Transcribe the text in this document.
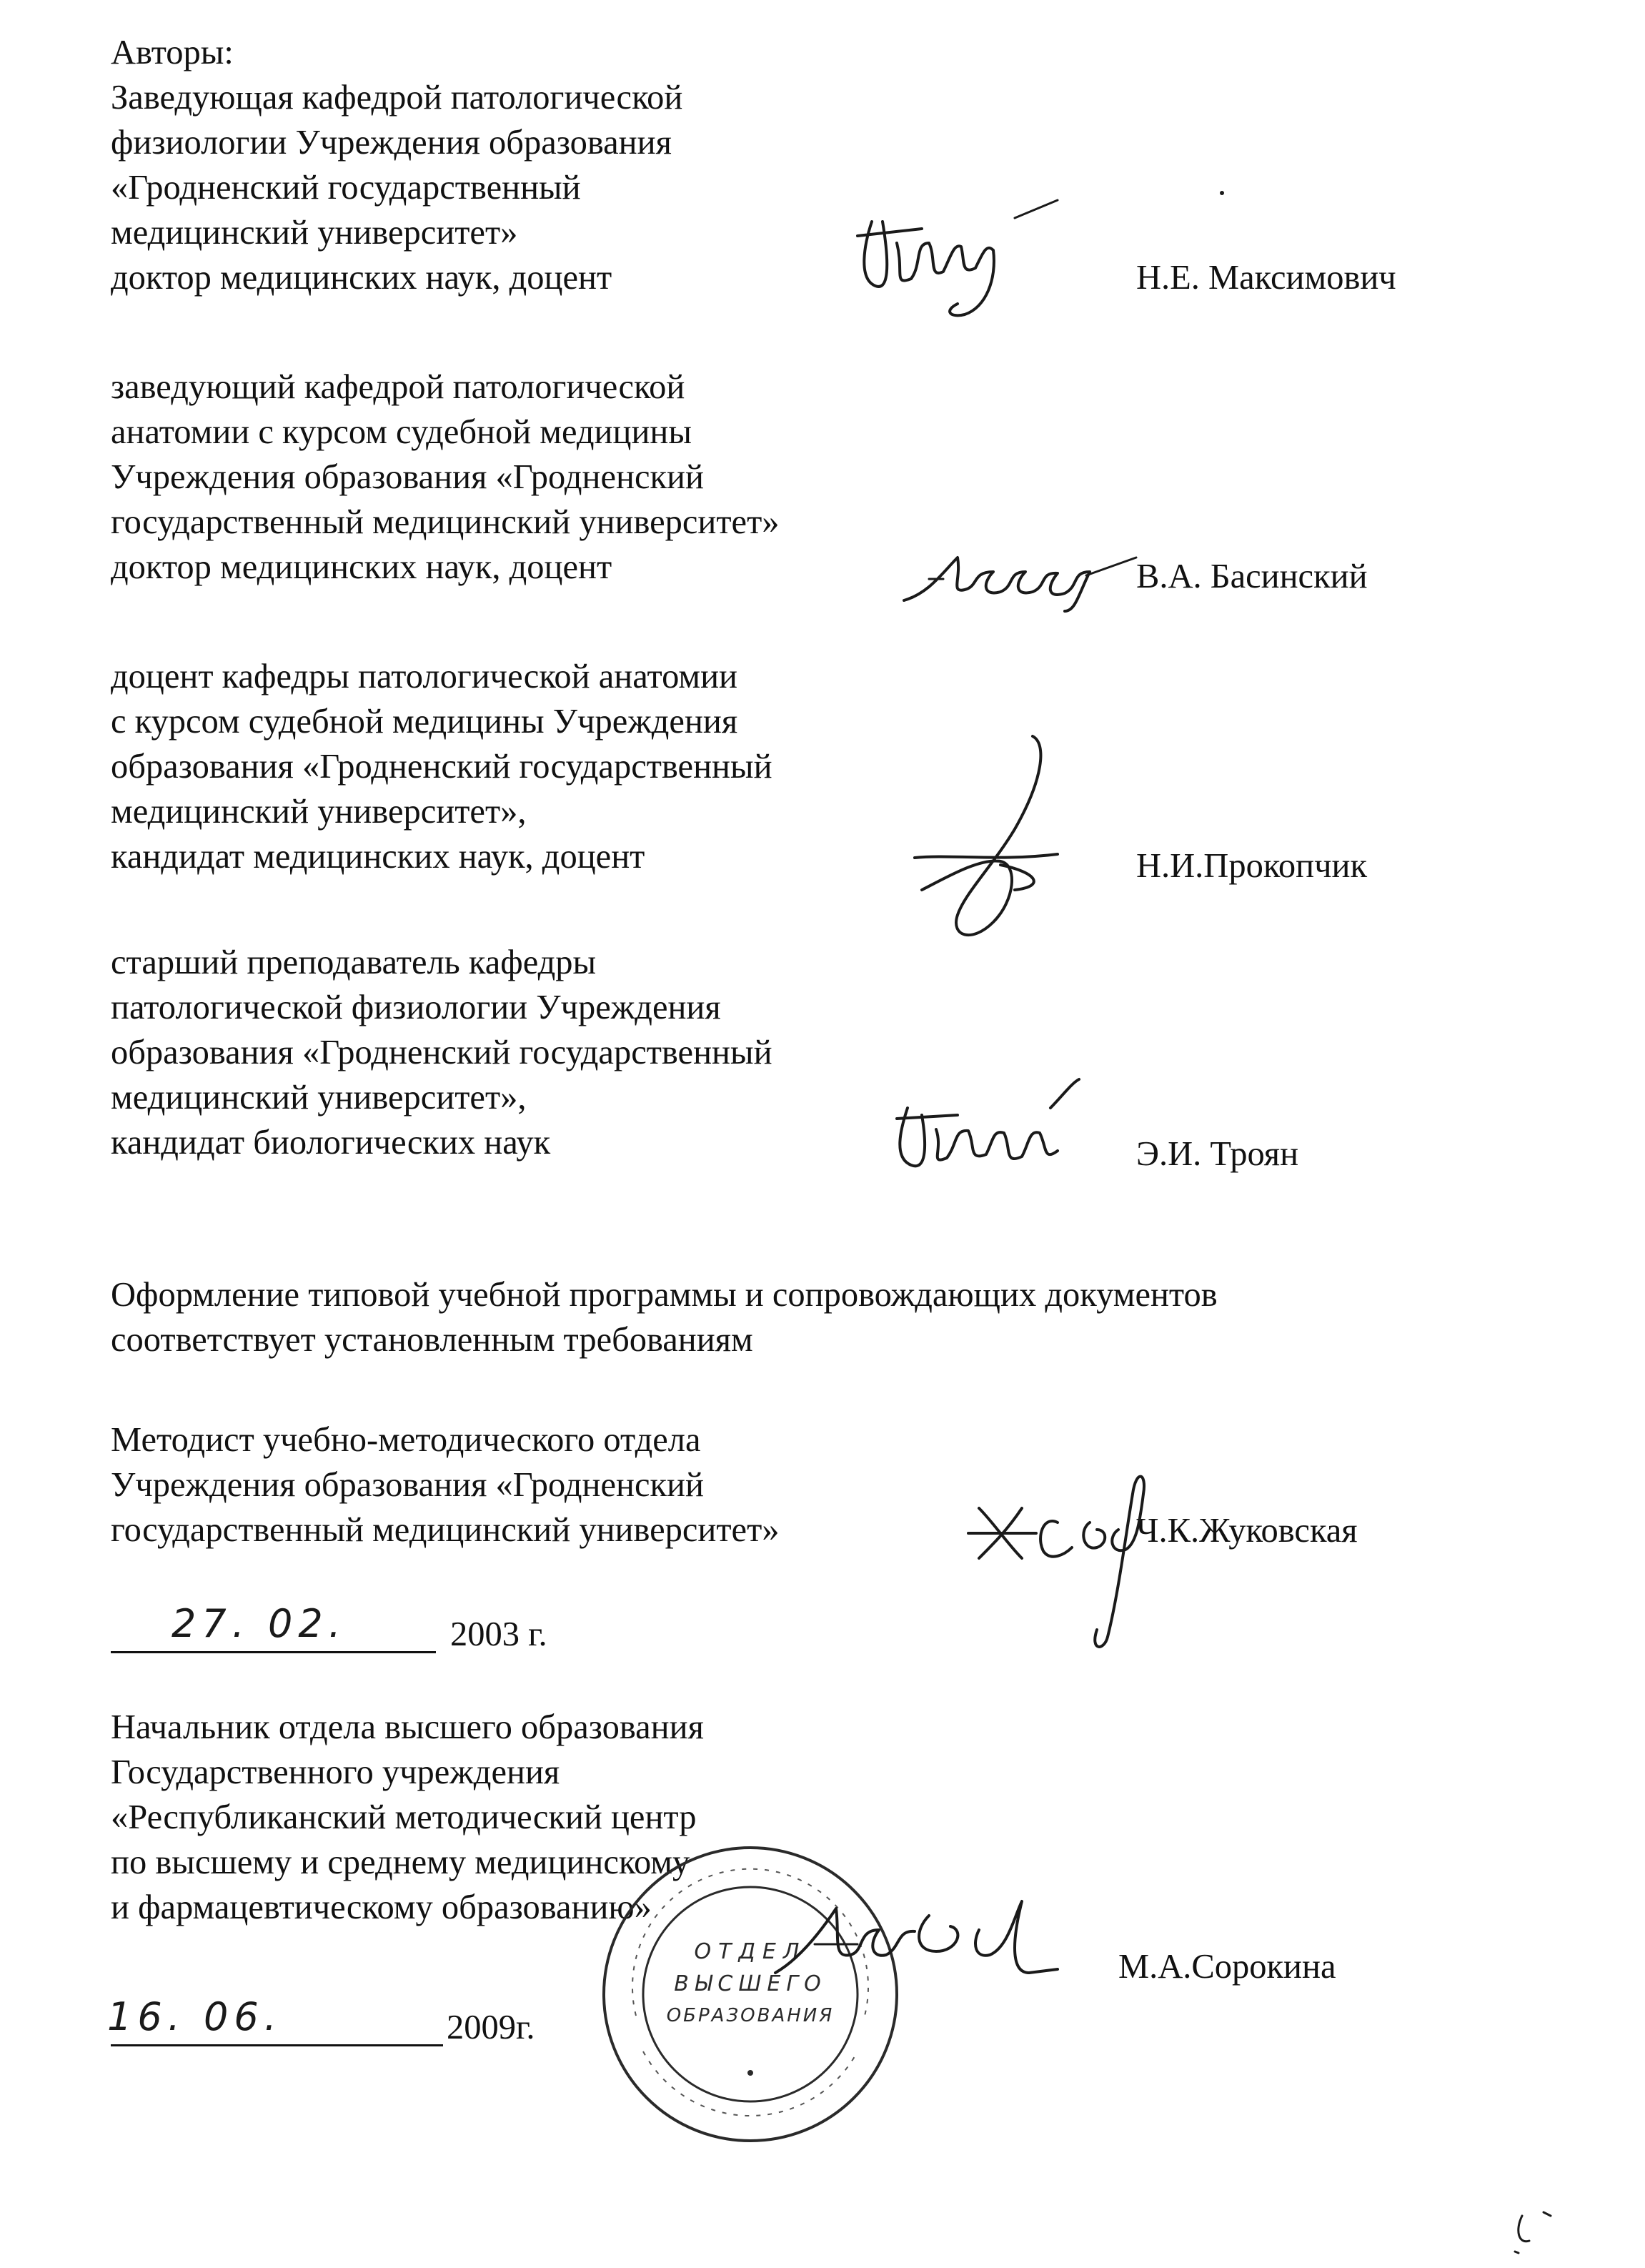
Авторы:
Заведующая кафедрой патологической
физиологии Учреждения образования
«Гродненский государственный
медицинский университет»
доктор медицинских наук, доцент	Н.Е. Максимович
заведующий кафедрой патологической
анатомии с курсом судебной медицины
Учреждения образования «Гродненский
государственный медицинский университет»
доктор медицинских наук, доцент	В.А. Басинский
доцент кафедры патологической анатомии
с курсом судебной медицины Учреждения
образования «Гродненский государственный
медицинский университет»,
кандидат медицинских наук, доцент	Н.И.Прокопчик
старший преподаватель кафедры
патологической физиологии Учреждения
образования «Гродненский государственный
медицинский университет»,
кандидат биологических наук	Э.И. Троян
Оформление типовой учебной программы и сопровождающих документов
соответствует установленным требованиям
Методист учебно-методического отдела
Учреждения образования «Гродненский
государственный медицинский университет»	Ч.К.Жуковская
27. 02.	2003 г.
Начальник отдела высшего образования
Государственного учреждения
«Республиканский методический центр
по высшему и среднему медицинскому
и фармацевтическому образованию»
М.А.Сорокина
ОТДЕЛ
ВЫСШЕГО
ОБРАЗОВАНИЯ
16. 06.	2009г.
